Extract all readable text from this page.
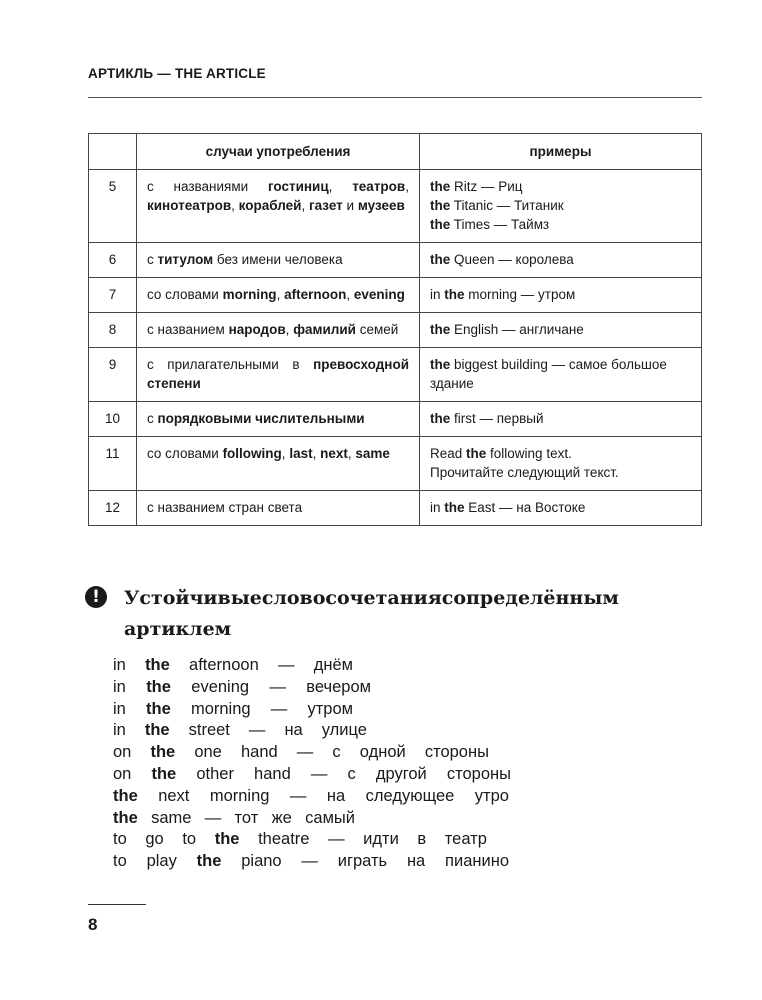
АРТИКЛЬ — THE ARTICLE
	случаи употребления	примеры
5	с названиями гостиниц, театров, кинотеатров, кораблей, газет и музеев	the Ritz — Риц
the Titanic — Титаник
the Times — Таймз

6	с титулом без имени человека	the Queen — королева

7	со словами morning, afternoon, evening	in the morning — утром

8	с названием народов, фамилий семей	the English — англичане

9	с прилагательными в превосходной степени	the biggest building — самое большое здание

10	с порядковыми числительными	the first — первый

11	со словами following, last, next, same	Read the following text.
Прочитайте следующий текст.

12	с названием стран света	in the East — на Востоке
!	Устойчивые словосочетания с определённым
артиклем
in the afternoon — днём
in the evening — вечером
in the morning — утром
in the street — на улице
on the one hand — с одной стороны
on the other hand — с другой стороны
the next morning — на следующее утро
the same — тот же самый
to go to the theatre — идти в театр
to play the piano — играть на пианино
8
